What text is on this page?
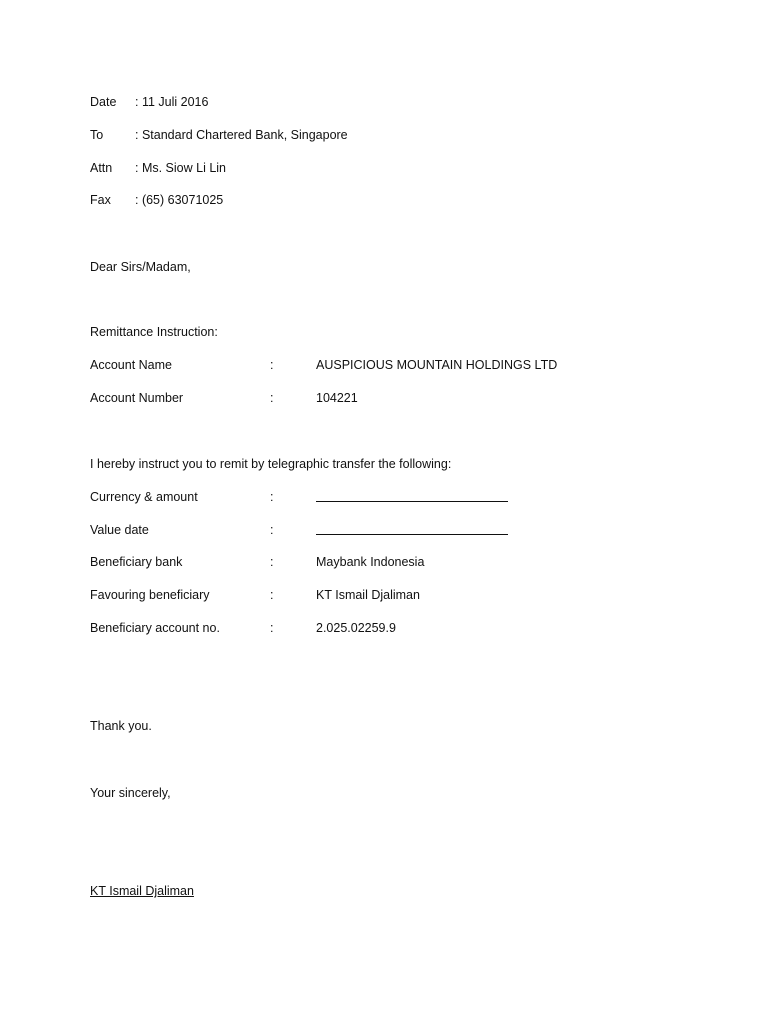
Date : 11 Juli 2016
To	: Standard Chartered Bank, Singapore
Attn : Ms. Siow Li Lin
Fax : (65) 63071025
Dear Sirs/Madam,
Remittance Instruction:
Account Name	:	AUSPICIOUS MOUNTAIN HOLDINGS LTD
Account Number	:	104221
I hereby instruct you to remit by telegraphic transfer the following:
Currency & amount	:
Value date	:
Beneficiary bank	:	Maybank Indonesia
Favouring beneficiary	:	KT Ismail Djaliman
Beneficiary account no.	:	2.025.02259.9
Thank you.
Your sincerely,
KT Ismail Djaliman
